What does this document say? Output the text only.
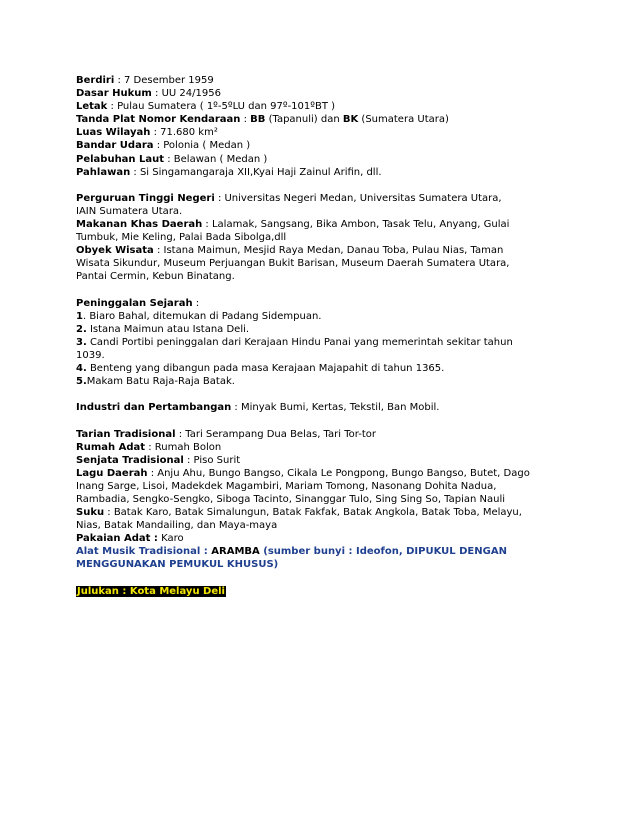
Berdiri : 7 Desember 1959
Dasar Hukum : UU 24/1956
Letak : Pulau Sumatera ( 1º-5ºLU dan 97º-101ºBT )
Tanda Plat Nomor Kendaraan : BB (Tapanuli) dan BK (Sumatera Utara)
Luas Wilayah : 71.680 km²
Bandar Udara : Polonia ( Medan )
Pelabuhan Laut : Belawan ( Medan )
Pahlawan : Si Singamangaraja XII,Kyai Haji Zainul Arifin, dll.
Perguruan Tinggi Negeri : Universitas Negeri Medan, Universitas Sumatera Utara,
IAIN Sumatera Utara.
Makanan Khas Daerah : Lalamak, Sangsang, Bika Ambon, Tasak Telu, Anyang, Gulai
Tumbuk, Mie Keling, Palai Bada Sibolga,dll
Obyek Wisata : Istana Maimun, Mesjid Raya Medan, Danau Toba, Pulau Nias, Taman
Wisata Sikundur, Museum Perjuangan Bukit Barisan, Museum Daerah Sumatera Utara,
Pantai Cermin, Kebun Binatang.
Peninggalan Sejarah :
1. Biaro Bahal, ditemukan di Padang Sidempuan.
2. Istana Maimun atau Istana Deli.
3. Candi Portibi peninggalan dari Kerajaan Hindu Panai yang memerintah sekitar tahun
1039.
4. Benteng yang dibangun pada masa Kerajaan Majapahit di tahun 1365.
5.Makam Batu Raja-Raja Batak.
Industri dan Pertambangan : Minyak Bumi, Kertas, Tekstil, Ban Mobil.
Tarian Tradisional : Tari Serampang Dua Belas, Tari Tor-tor
Rumah Adat : Rumah Bolon
Senjata Tradisional : Piso Surit
Lagu Daerah : Anju Ahu, Bungo Bangso, Cikala Le Pongpong, Bungo Bangso, Butet, Dago
Inang Sarge, Lisoi, Madekdek Magambiri, Mariam Tomong, Nasonang Dohita Nadua,
Rambadia, Sengko-Sengko, Siboga Tacinto, Sinanggar Tulo, Sing Sing So, Tapian Nauli
Suku : Batak Karo, Batak Simalungun, Batak Fakfak, Batak Angkola, Batak Toba, Melayu,
Nias, Batak Mandailing, dan Maya-maya
Pakaian Adat : Karo
Alat Musik Tradisional : ARAMBA (sumber bunyi : Ideofon, DIPUKUL DENGAN
MENGGUNAKAN PEMUKUL KHUSUS)
Julukan : Kota Melayu Deli
